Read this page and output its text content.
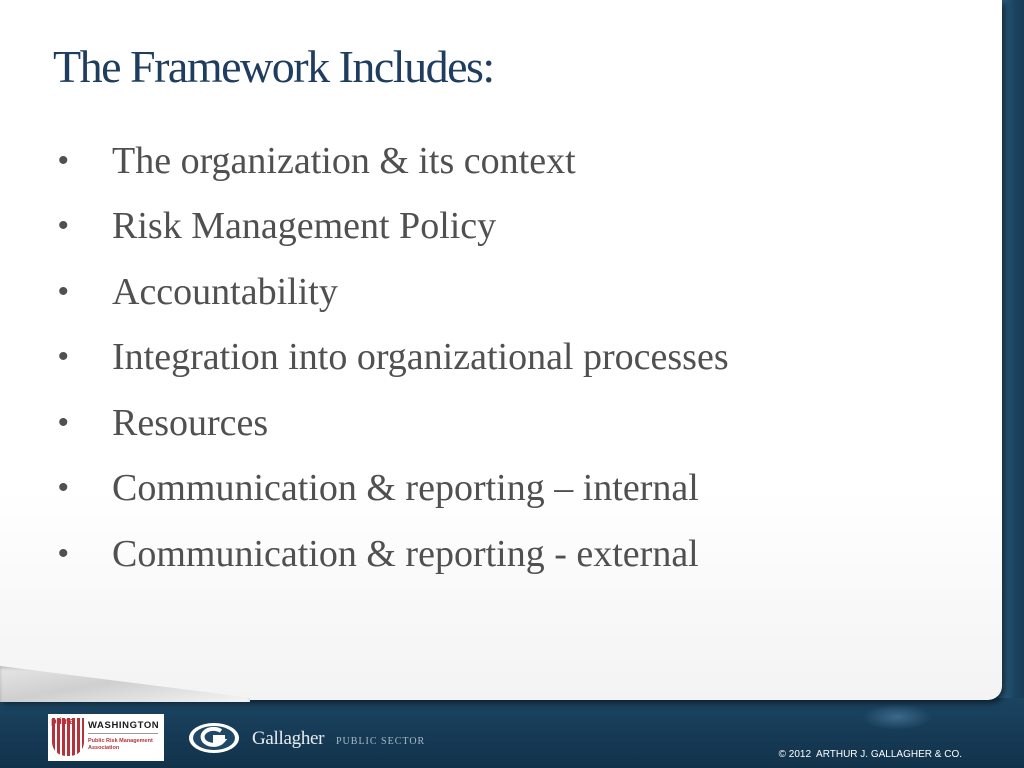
The Framework Includes:
•	The organization & its context
•	Risk Management Policy
•	Accountability
•	Integration into organizational processes
•	Resources
•	Communication & reporting – internal
•	Communication & reporting - external
prima WASHINGTON
Public Risk Management Association	Gallagher PUBLIC SECTOR
© 2012  ARTHUR J. GALLAGHER & CO.
